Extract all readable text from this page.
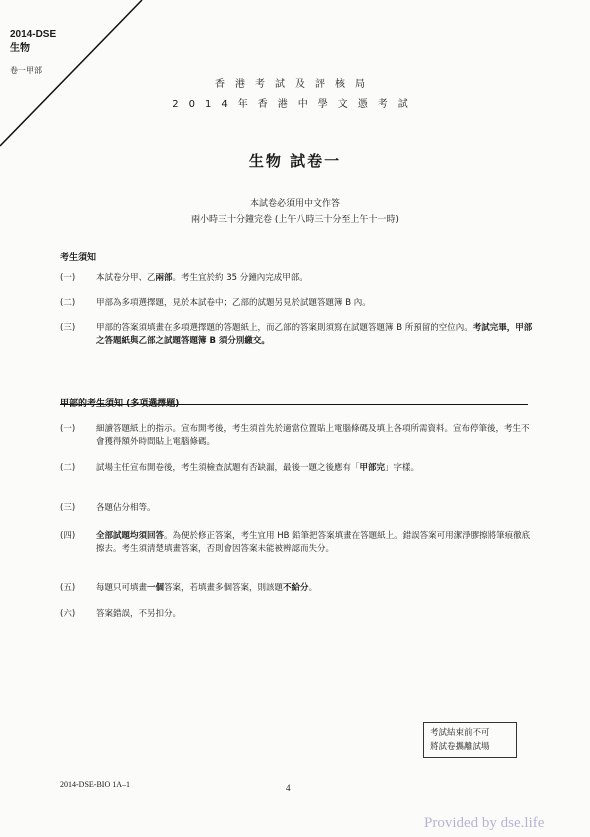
2014-DSE
生物
卷一甲部
香港考試及評核局
2014年香港中學文憑考試
生物 試卷一
本試卷必須用中文作答
兩小時三十分鐘完卷 (上午八時三十分至上午十一時)
考生須知
(一)	本試卷分甲、乙兩部。考生宜於約 35 分鐘內完成甲部。
(二)	甲部為多項選擇題，見於本試卷中；乙部的試題另見於試題答題簿 B 內。
(三)	甲部的答案須填畫在多項選擇題的答題紙上，而乙部的答案則須寫在試題答題簿 B 所預留的空位內。考試完畢，甲部之答題紙與乙部之試題答題簿 B 須分別繳交。
甲部的考生須知 (多項選擇題)
(一)	細讀答題紙上的指示。宣布開考後，考生須首先於適當位置貼上電腦條碼及填上各項所需資料。宣布停筆後，考生不會獲得額外時間貼上電腦條碼。
(二)	試場主任宣布開卷後，考生須檢查試題有否缺漏，最後一題之後應有「甲部完」字樣。
(三)	各題佔分相等。
(四)	全部試題均須回答。為便於修正答案，考生宜用 HB 鉛筆把答案填畫在答題紙上。錯誤答案可用潔淨膠擦將筆痕徹底擦去。考生須清楚填畫答案，否則會因答案未能被辨認而失分。
(五)	每題只可填畫一個答案，若填畫多個答案，則該題不給分。
(六)	答案錯誤，不另扣分。
考試結束前不可
將試卷攜離試場
2014-DSE-BIO 1A–1	4
Provided by dse.life
